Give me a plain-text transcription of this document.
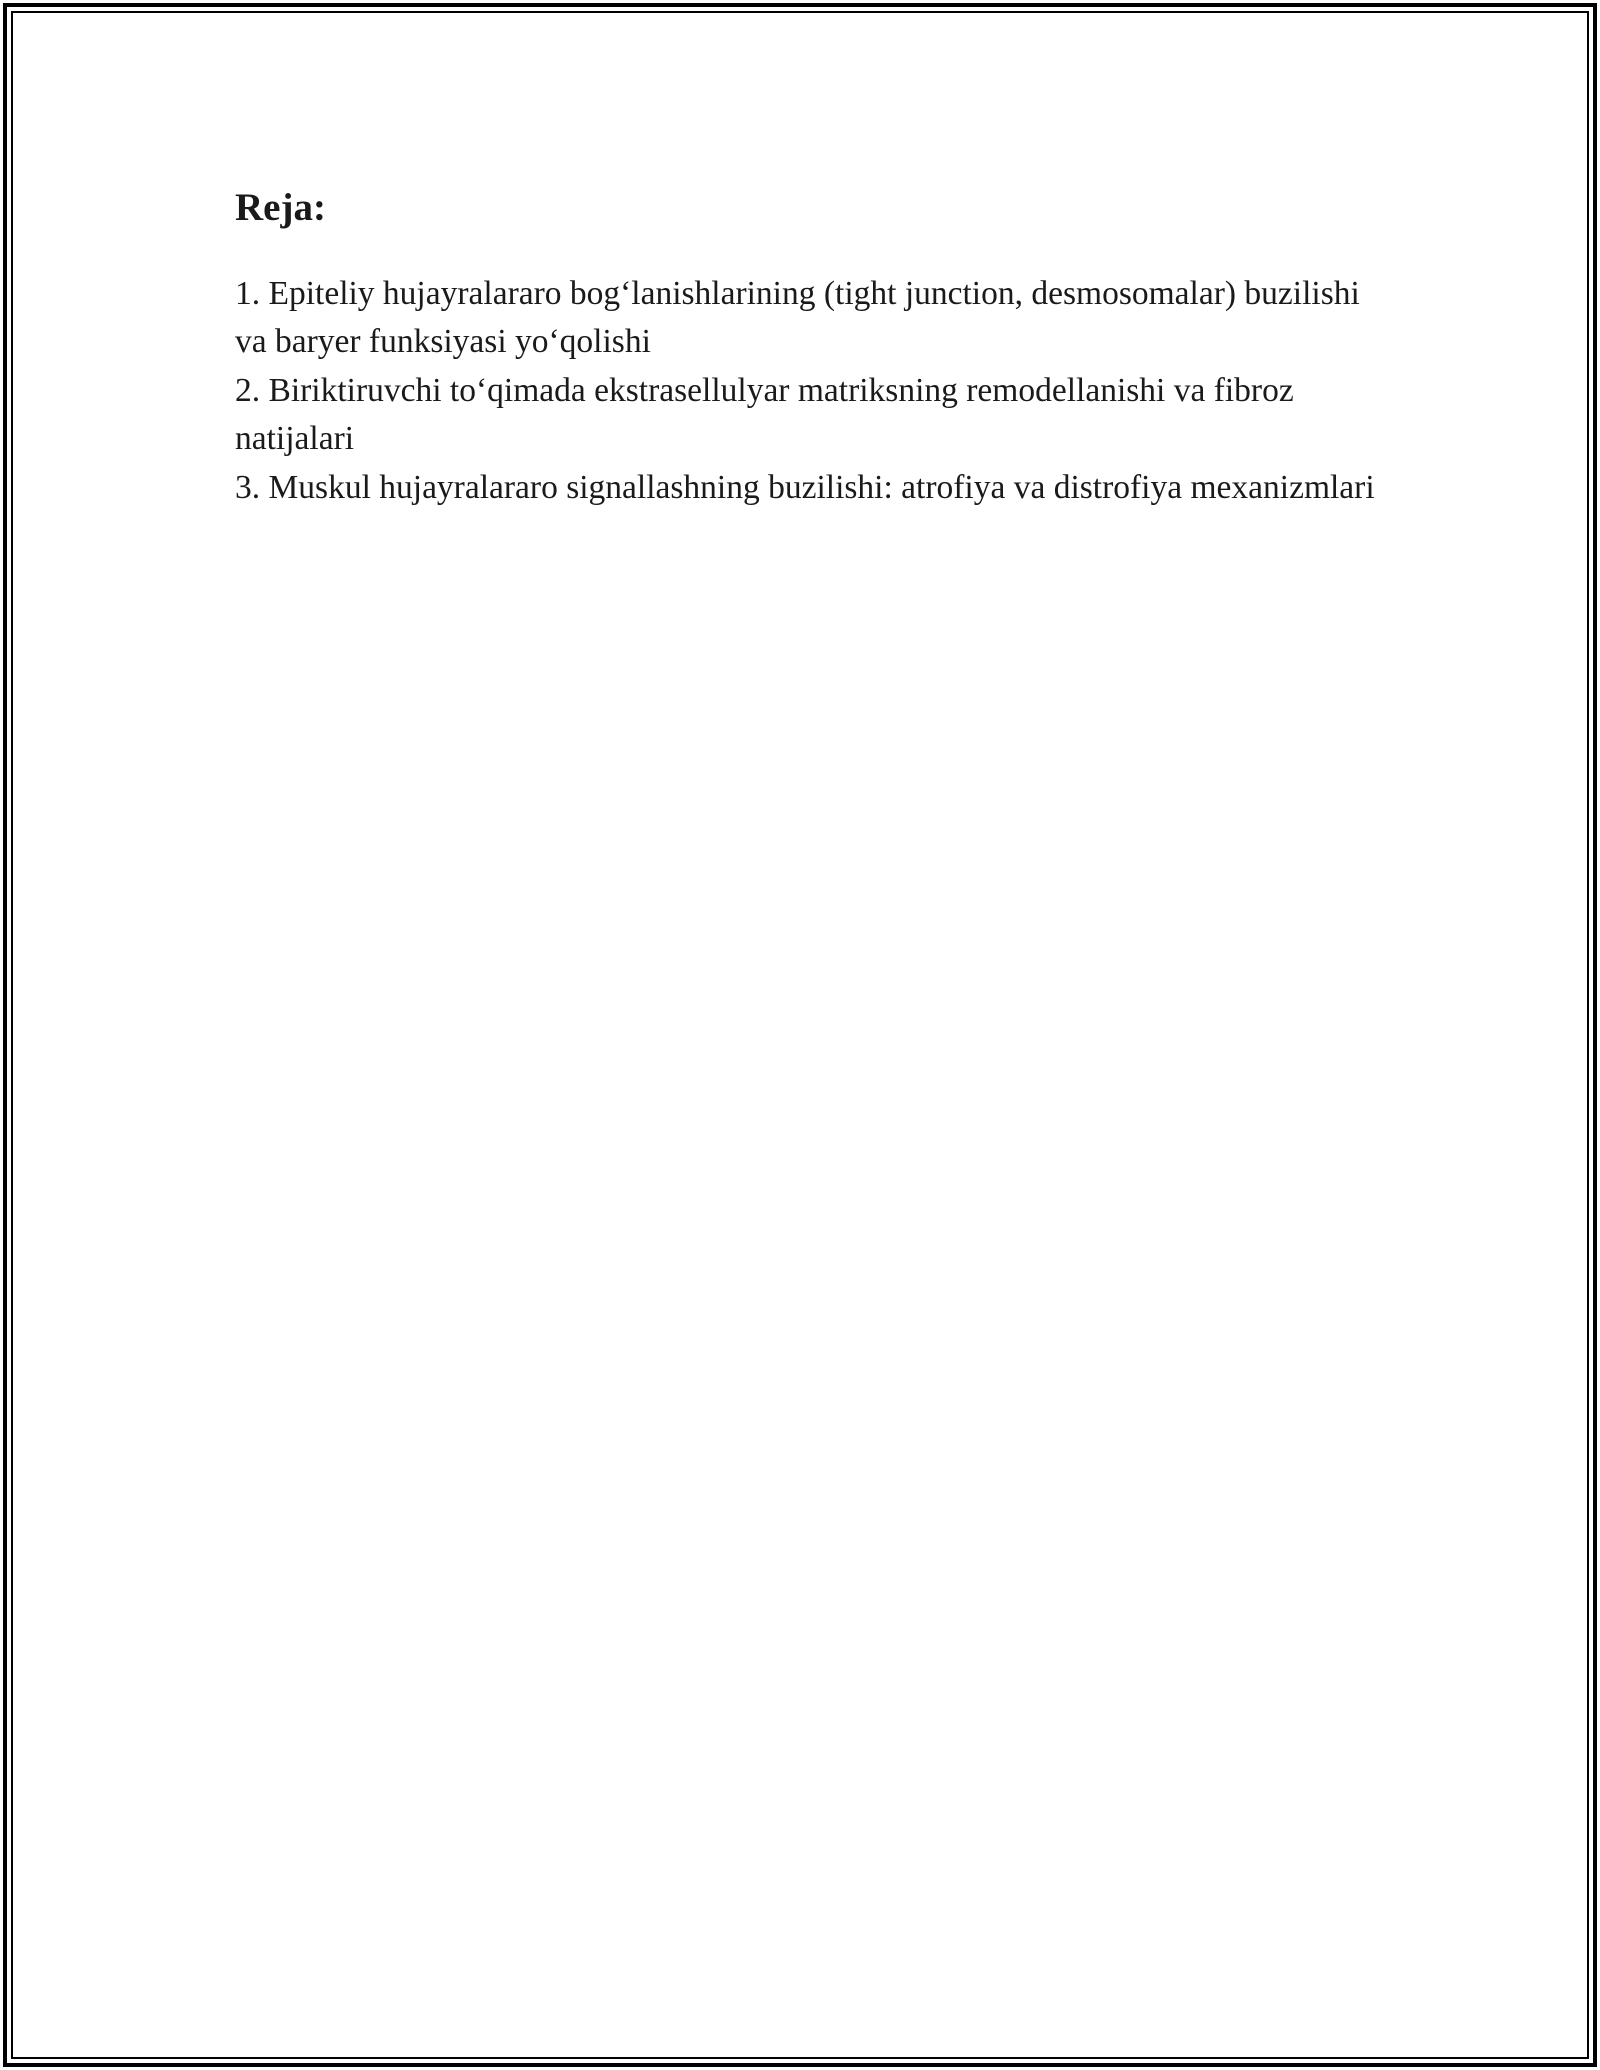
Reja:
1. Epiteliy hujayralararo bog‘lanishlarining (tight junction, desmosomalar) buzilishi va baryer funksiyasi yo‘qolishi
2. Biriktiruvchi to‘qimada ekstrasellulyar matriksning remodellanishi va fibroz natijalari
3. Muskul hujayralararo signallashning buzilishi: atrofiya va distrofiya mexanizmlari
